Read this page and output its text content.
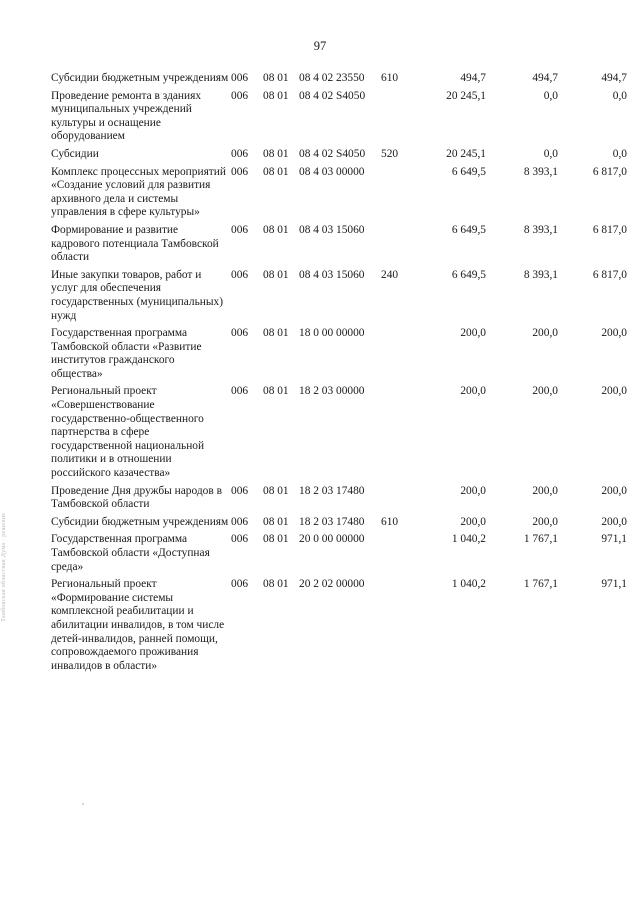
97
Тамбовская областная Дума · решение
Субсидии бюджетным учреждениям	006	08 01	08 4 02 23550	610	494,7	494,7	494,7
Проведение ремонта в зданиях муниципальных учреждений культуры и оснащение оборудованием	006	08 01	08 4 02 S4050		20 245,1	0,0	0,0
Субсидии	006	08 01	08 4 02 S4050	520	20 245,1	0,0	0,0
Комплекс процессных мероприятий «Создание условий для развития архивного дела и системы управления в сфере культуры»	006	08 01	08 4 03 00000		6 649,5	8 393,1	6 817,0
Формирование и развитие кадрового потенциала Тамбовской области	006	08 01	08 4 03 15060		6 649,5	8 393,1	6 817,0
Иные закупки товаров, работ и услуг для обеспечения государственных (муниципальных) нужд	006	08 01	08 4 03 15060	240	6 649,5	8 393,1	6 817,0
Государственная программа Тамбовской области «Развитие институтов гражданского общества»	006	08 01	18 0 00 00000		200,0	200,0	200,0
Региональный проект «Совершенствование государственно-общественного партнерства в сфере государственной национальной политики и в отношении российского казачества»	006	08 01	18 2 03 00000		200,0	200,0	200,0
Проведение Дня дружбы народов в Тамбовской области	006	08 01	18 2 03 17480		200,0	200,0	200,0
Субсидии бюджетным учреждениям	006	08 01	18 2 03 17480	610	200,0	200,0	200,0
Государственная программа Тамбовской области «Доступная среда»	006	08 01	20 0 00 00000		1 040,2	1 767,1	971,1
Региональный проект «Формирование системы комплексной реабилитации и абилитации инвалидов, в том числе детей-инвалидов, ранней помощи, сопровождаемого проживания инвалидов в области»	006	08 01	20 2 02 00000		1 040,2	1 767,1	971,1
